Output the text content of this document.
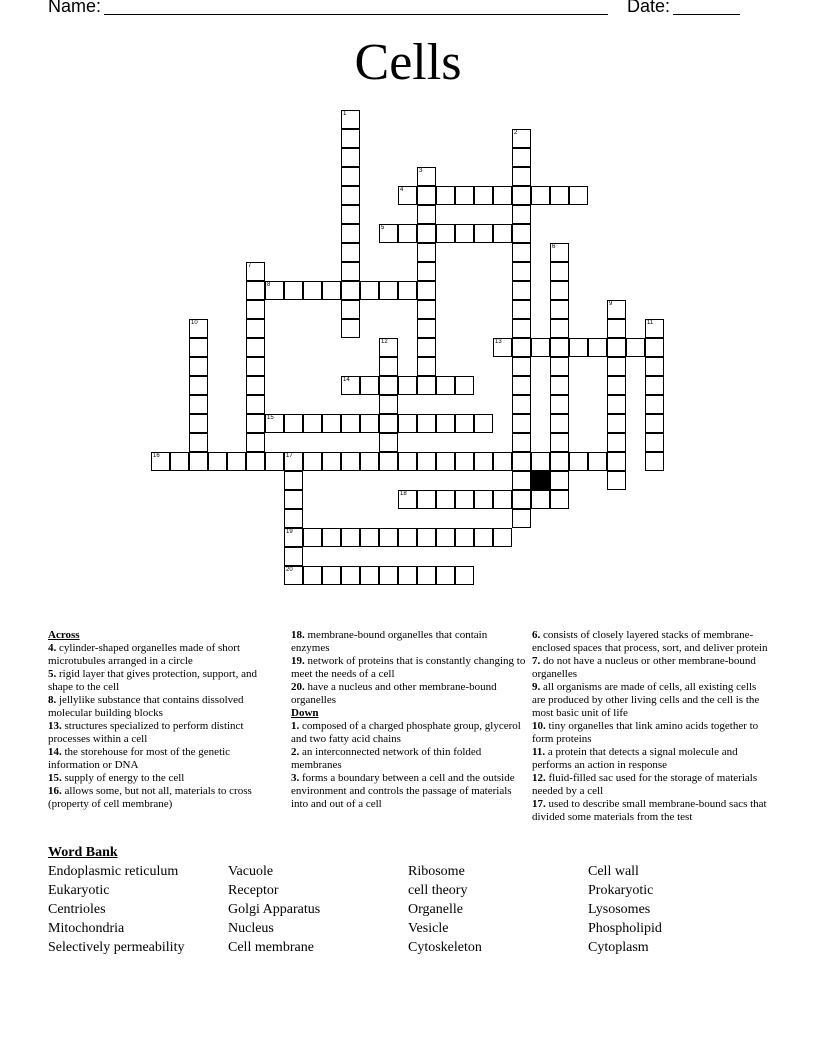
Name:	Date:
Cells
1
2
3
4
5
6
7
8
9
10	11
12	13
14
15
16	17
19
20
18
Across
4. cylinder-shaped organelles made of short microtubules arranged in a circle
5. rigid layer that gives protection, support, and shape to the cell
8. jellylike substance that contains dissolved molecular building blocks
13. structures specialized to perform distinct processes within a cell
14. the storehouse for most of the genetic information or DNA
15. supply of energy to the cell
16. allows some, but not all, materials to cross (property of cell membrane)
18. membrane-bound organelles that contain enzymes
19. network of proteins that is constantly changing to meet the needs of a cell
20. have a nucleus and other membrane-bound organelles
Down
1. composed of a charged phosphate group, glycerol and two fatty acid chains
2. an interconnected network of thin folded membranes
3. forms a boundary between a cell and the outside environment and controls the passage of materials into and out of a cell
6. consists of closely layered stacks of membrane-enclosed spaces that process, sort, and deliver protein
7. do not have a nucleus or other membrane-bound organelles
9. all organisms are made of cells, all existing cells are produced by other living cells and the cell is the most basic unit of life
10. tiny organelles that link amino acids together to form proteins
11. a protein that detects a signal molecule and performs an action in response
12. fluid-filled sac used for the storage of materials needed by a cell
17. used to describe small membrane-bound sacs that divided some materials from the test
Word Bank
Endoplasmic reticulum
Eukaryotic
Centrioles
Mitochondria
Selectively permeability
Vacuole
Receptor
Golgi Apparatus
Nucleus
Cell membrane
Ribosome
cell theory
Organelle
Vesicle
Cytoskeleton
Cell wall
Prokaryotic
Lysosomes
Phospholipid
Cytoplasm
